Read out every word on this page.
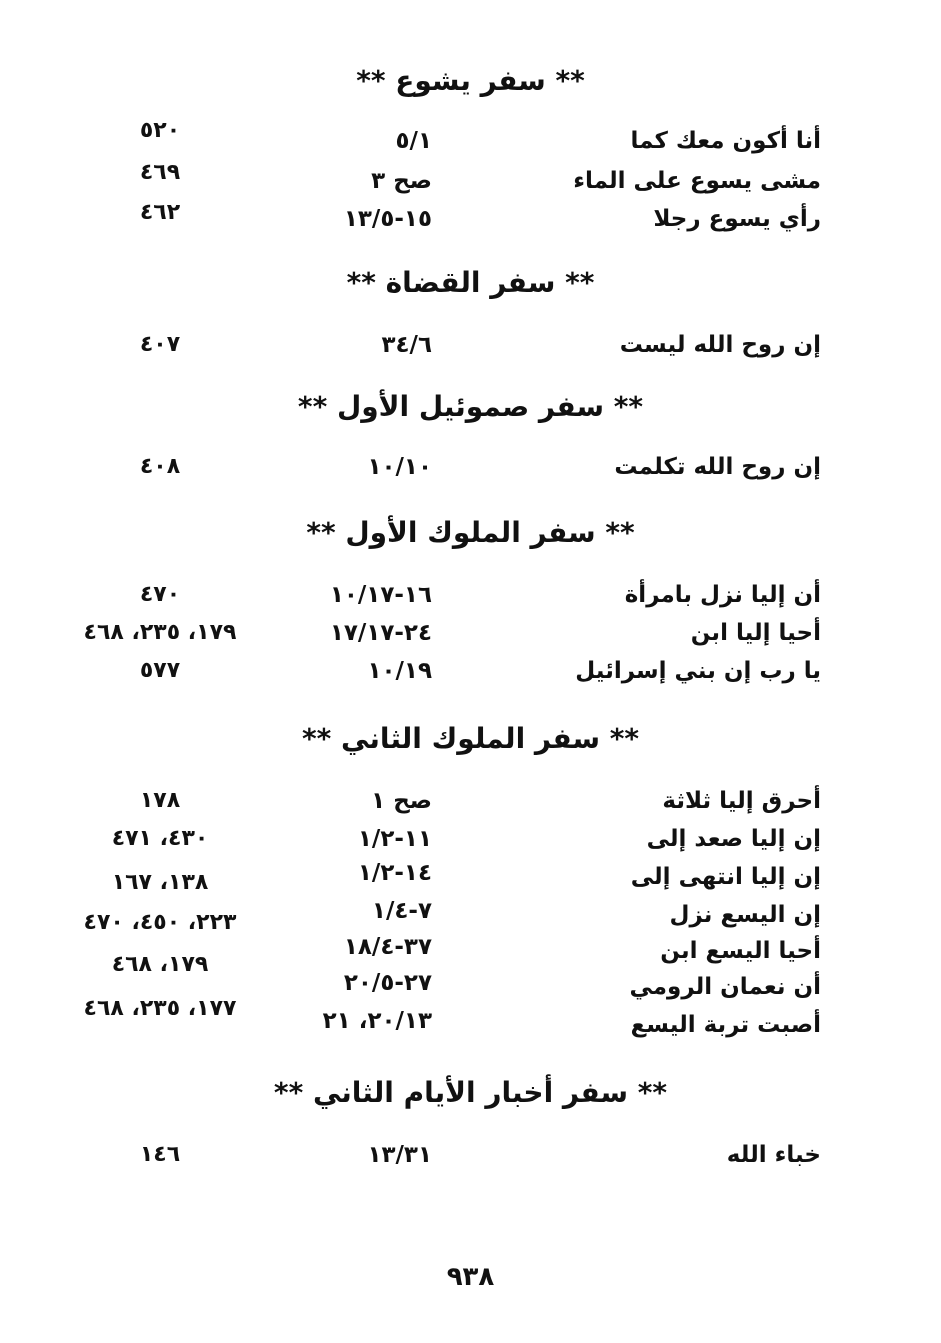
** سفر يشوع **
أنا أكون معك كما
٥/١
٥٢٠
مشى يسوع على الماء
صح ٣
٤٦٩
رأي يسوع رجلا
١٥-١٣/٥
٤٦٢
** سفر القضاة **
إن روح الله ليست
٣٤/٦
٤٠٧
** سفر صموئيل الأول **
إن روح الله تكلمت
١٠/١٠
٤٠٨
** سفر الملوك الأول **
أن إليا نزل بامرأة
١٦-١٠/١٧
٤٧٠
أحيا إليا ابن
٢٤-١٧/١٧
١٧٩، ٢٣٥، ٤٦٨
يا رب إن بني إسرائيل
١٠/١٩
٥٧٧
** سفر الملوك الثاني **
أحرق إليا ثلاثة
صح ١
١٧٨
إن إليا صعد إلى
١١-١/٢
٤٣٠، ٤٧١
إن إليا انتهى إلى
١٤-١/٢
١٣٨، ١٦٧
إن اليسع نزل
٧-١/٤
٢٢٣، ٤٥٠، ٤٧٠
أحيا اليسع ابن
٣٧-١٨/٤
١٧٩، ٤٦٨
أن نعمان الرومي
٢٧-٢٠/٥
١٧٧، ٢٣٥، ٤٦٨
أصبت تربة اليسع
٢٠/١٣، ٢١
** سفر أخبار الأيام الثاني **
خباء الله
١٣/٣١
١٤٦
٩٣٨
